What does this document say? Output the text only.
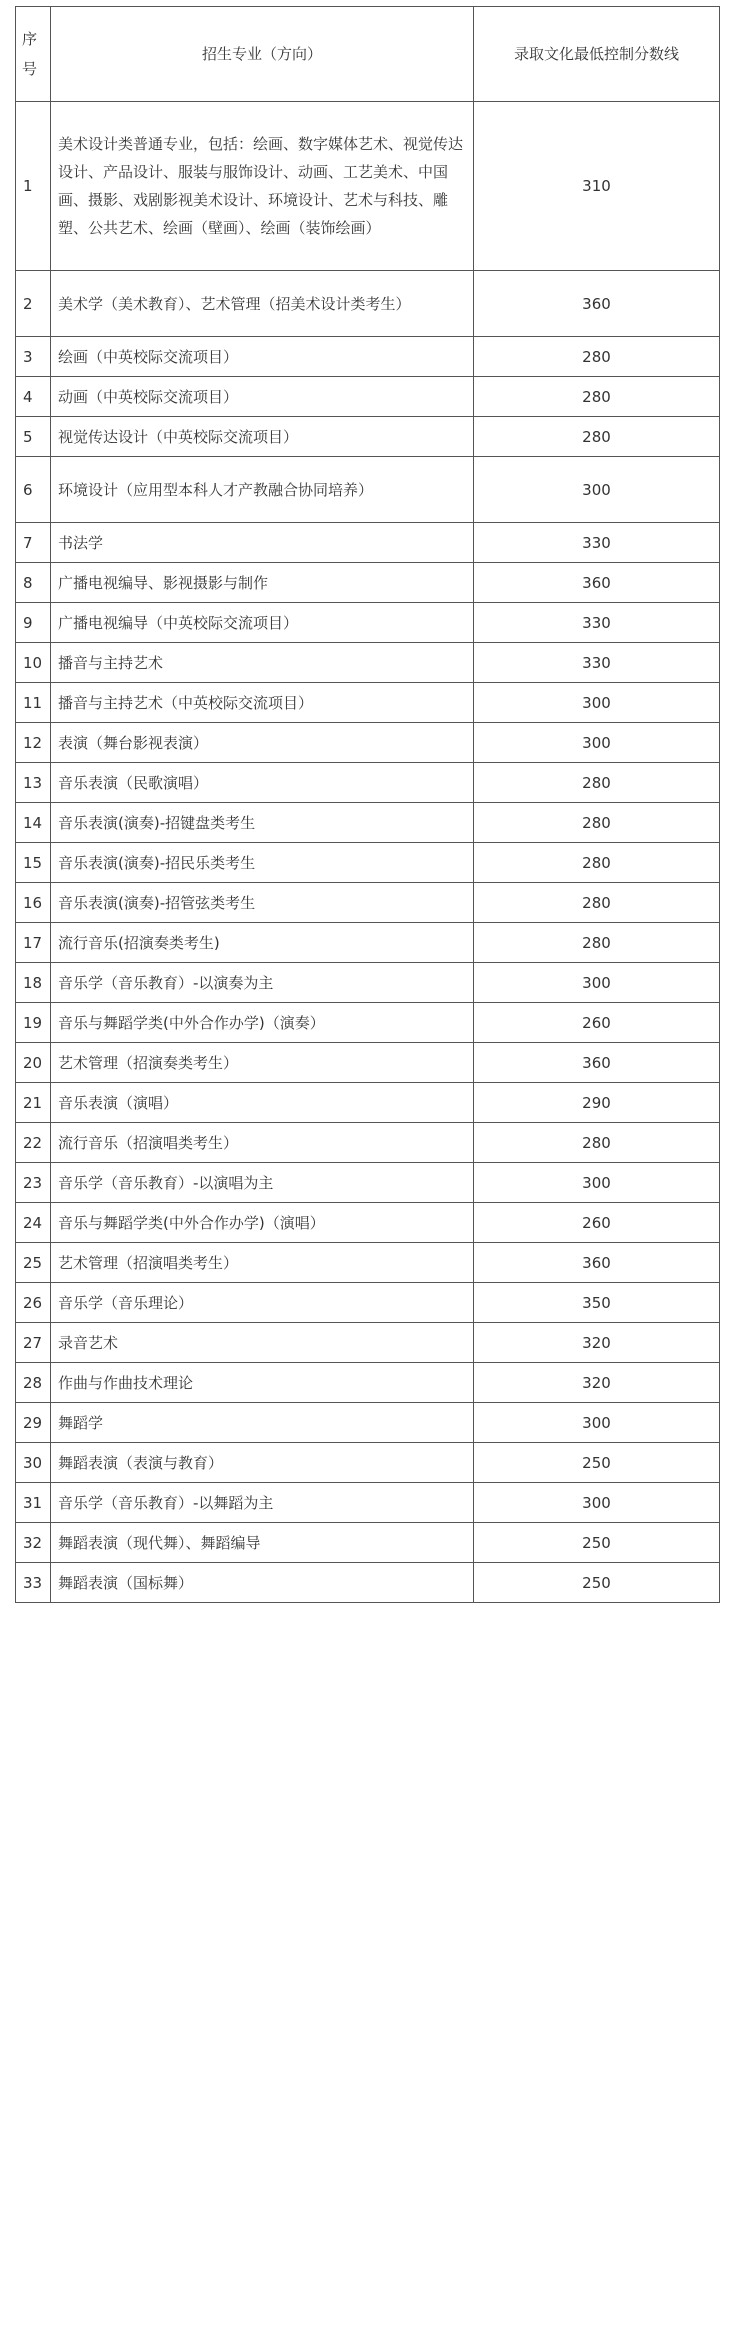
序号	招生专业（方向）	录取文化最低控制分数线
1	美术设计类普通专业，包括：绘画、数字媒体艺术、视觉传达设计、产品设计、服装与服饰设计、动画、工艺美术、中国画、摄影、戏剧影视美术设计、环境设计、艺术与科技、雕塑、公共艺术、绘画（壁画）、绘画（装饰绘画）	310
2	美术学（美术教育）、艺术管理（招美术设计类考生）	360
3	绘画（中英校际交流项目）	280
4	动画（中英校际交流项目）	280
5	视觉传达设计（中英校际交流项目）	280
6	环境设计（应用型本科人才产教融合协同培养）	300
7	书法学	330
8	广播电视编导、影视摄影与制作	360
9	广播电视编导（中英校际交流项目）	330
10	播音与主持艺术	330
11	播音与主持艺术（中英校际交流项目）	300
12	表演（舞台影视表演）	300
13	音乐表演（民歌演唱）	280
14	音乐表演(演奏)-招键盘类考生	280
15	音乐表演(演奏)-招民乐类考生	280
16	音乐表演(演奏)-招管弦类考生	280
17	流行音乐(招演奏类考生)	280
18	音乐学（音乐教育）-以演奏为主	300
19	音乐与舞蹈学类(中外合作办学)（演奏）	260
20	艺术管理（招演奏类考生）	360
21	音乐表演（演唱）	290
22	流行音乐（招演唱类考生）	280
23	音乐学（音乐教育）-以演唱为主	300
24	音乐与舞蹈学类(中外合作办学)（演唱）	260
25	艺术管理（招演唱类考生）	360
26	音乐学（音乐理论）	350
27	录音艺术	320
28	作曲与作曲技术理论	320
29	舞蹈学	300
30	舞蹈表演（表演与教育）	250
31	音乐学（音乐教育）-以舞蹈为主	300
32	舞蹈表演（现代舞）、舞蹈编导	250
33	舞蹈表演（国标舞）	250
